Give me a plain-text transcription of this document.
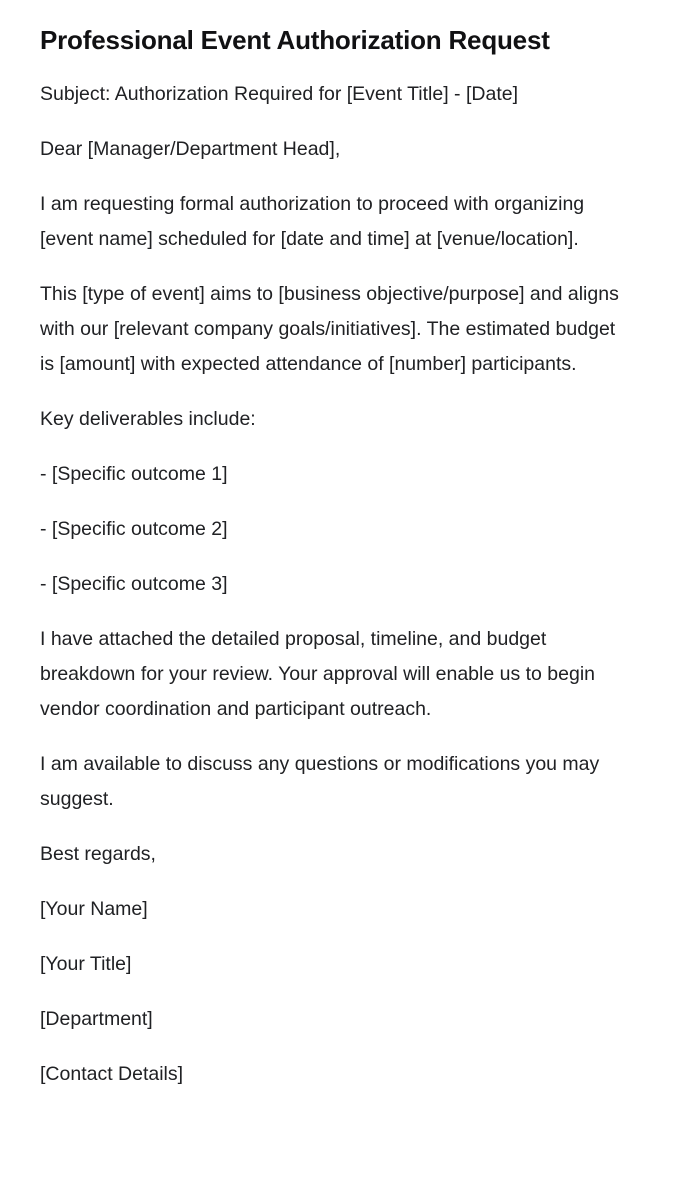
Professional Event Authorization Request

Subject: Authorization Required for [Event Title] - [Date]

Dear [Manager/Department Head],

I am requesting formal authorization to proceed with organizing [event name] scheduled for [date and time] at [venue/location].

This [type of event] aims to [business objective/purpose] and aligns with our [relevant company goals/initiatives]. The estimated budget is [amount] with expected attendance of [number] participants.

Key deliverables include:

- [Specific outcome 1]

- [Specific outcome 2]

- [Specific outcome 3]

I have attached the detailed proposal, timeline, and budget breakdown for your review. Your approval will enable us to begin vendor coordination and participant outreach.

I am available to discuss any questions or modifications you may suggest.

Best regards,

[Your Name]

[Your Title]

[Department]

[Contact Details]
